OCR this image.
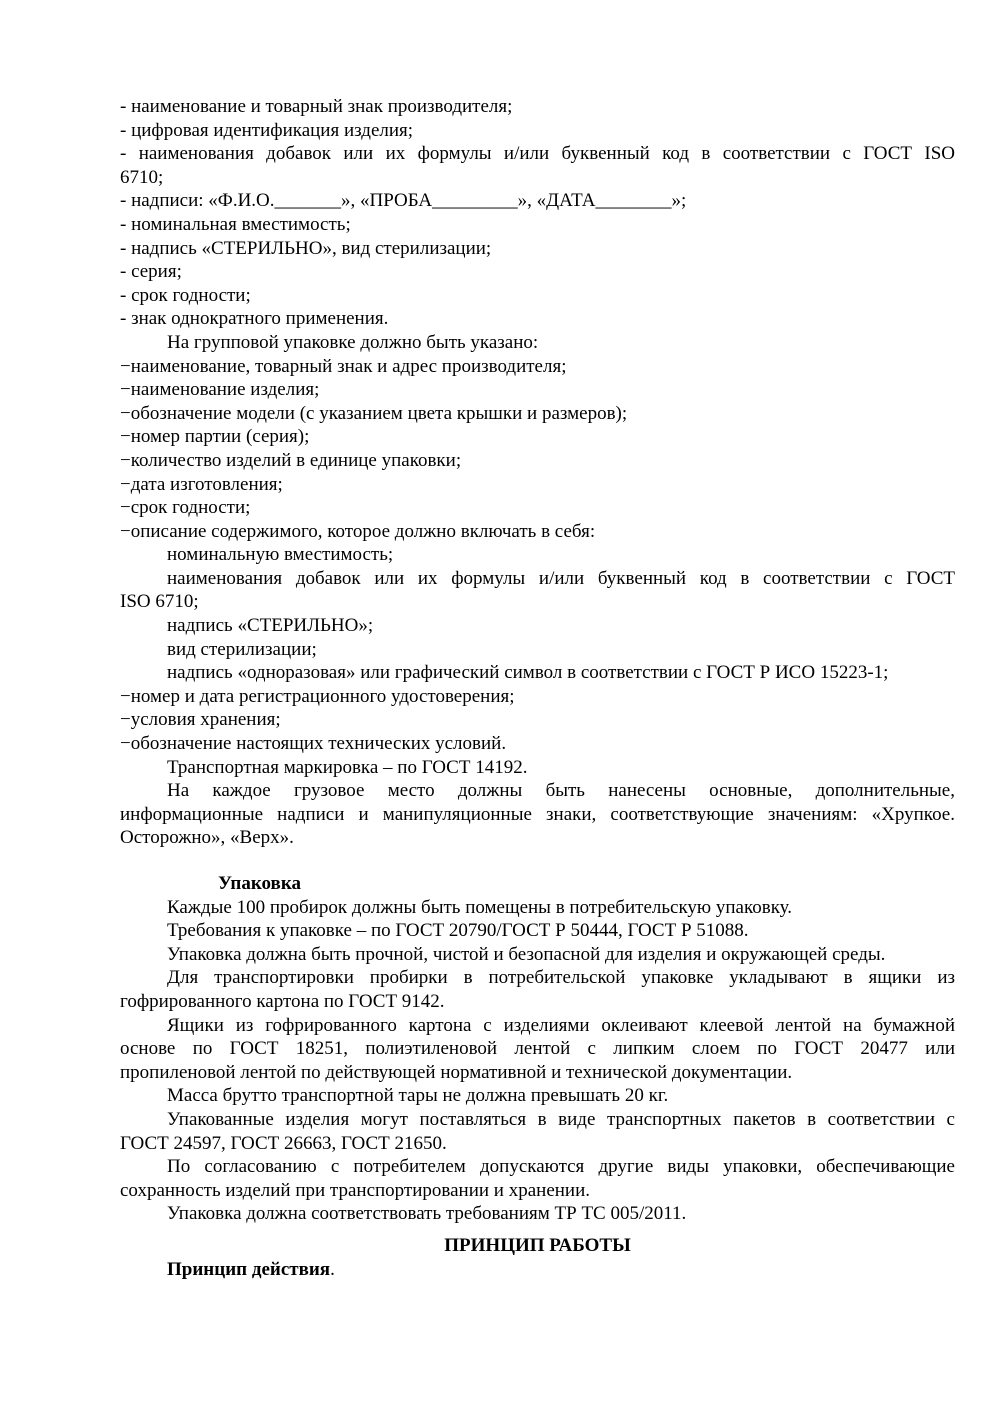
- наименование и товарный знак производителя;
- цифровая идентификация изделия;
- наименования добавок или их формулы и/или буквенный код в соответствии с ГОСТ ISO
6710;
- надписи: «Ф.И.О._______», «ПРОБА_________», «ДАТА________»;
- номинальная вместимость;
- надпись «СТЕРИЛЬНО», вид стерилизации;
- серия;
- срок годности;
- знак однократного применения.
На групповой упаковке должно быть указано:
−наименование, товарный знак и адрес производителя;
−наименование изделия;
−обозначение модели (с указанием цвета крышки и размеров);
−номер партии (серия);
−количество изделий в единице упаковки;
−дата изготовления;
−срок годности;
−описание содержимого, которое должно включать в себя:
номинальную вместимость;
наименования добавок или их формулы и/или буквенный код в соответствии с ГОСТ
ISO 6710;
надпись «СТЕРИЛЬНО»;
вид стерилизации;
надпись «одноразовая» или графический символ в соответствии с ГОСТ Р ИСО 15223-1;
−номер и дата регистрационного удостоверения;
−условия хранения;
−обозначение настоящих технических условий.
Транспортная маркировка – по ГОСТ 14192.
На каждое грузовое место должны быть нанесены основные, дополнительные,
информационные надписи и манипуляционные знаки, соответствующие значениям: «Хрупкое.
Осторожно», «Верх».
Упаковка
Каждые 100 пробирок должны быть помещены в потребительскую упаковку.
Требования к упаковке – по ГОСТ 20790/ГОСТ Р 50444, ГОСТ Р 51088.
Упаковка должна быть прочной, чистой и безопасной для изделия и окружающей среды.
Для транспортировки пробирки в потребительской упаковке укладывают в ящики из
гофрированного картона по ГОСТ 9142.
Ящики из гофрированного картона с изделиями оклеивают клеевой лентой на бумажной
основе по ГОСТ 18251, полиэтиленовой лентой с липким слоем по ГОСТ 20477 или
пропиленовой лентой по действующей нормативной и технической документации.
Масса брутто транспортной тары не должна превышать 20 кг.
Упакованные изделия могут поставляться в виде транспортных пакетов в соответствии с
ГОСТ 24597, ГОСТ 26663, ГОСТ 21650.
По согласованию с потребителем допускаются другие виды упаковки, обеспечивающие
сохранность изделий при транспортировании и хранении.
Упаковка должна соответствовать требованиям ТР ТС 005/2011.
ПРИНЦИП РАБОТЫ
Принцип действия.
